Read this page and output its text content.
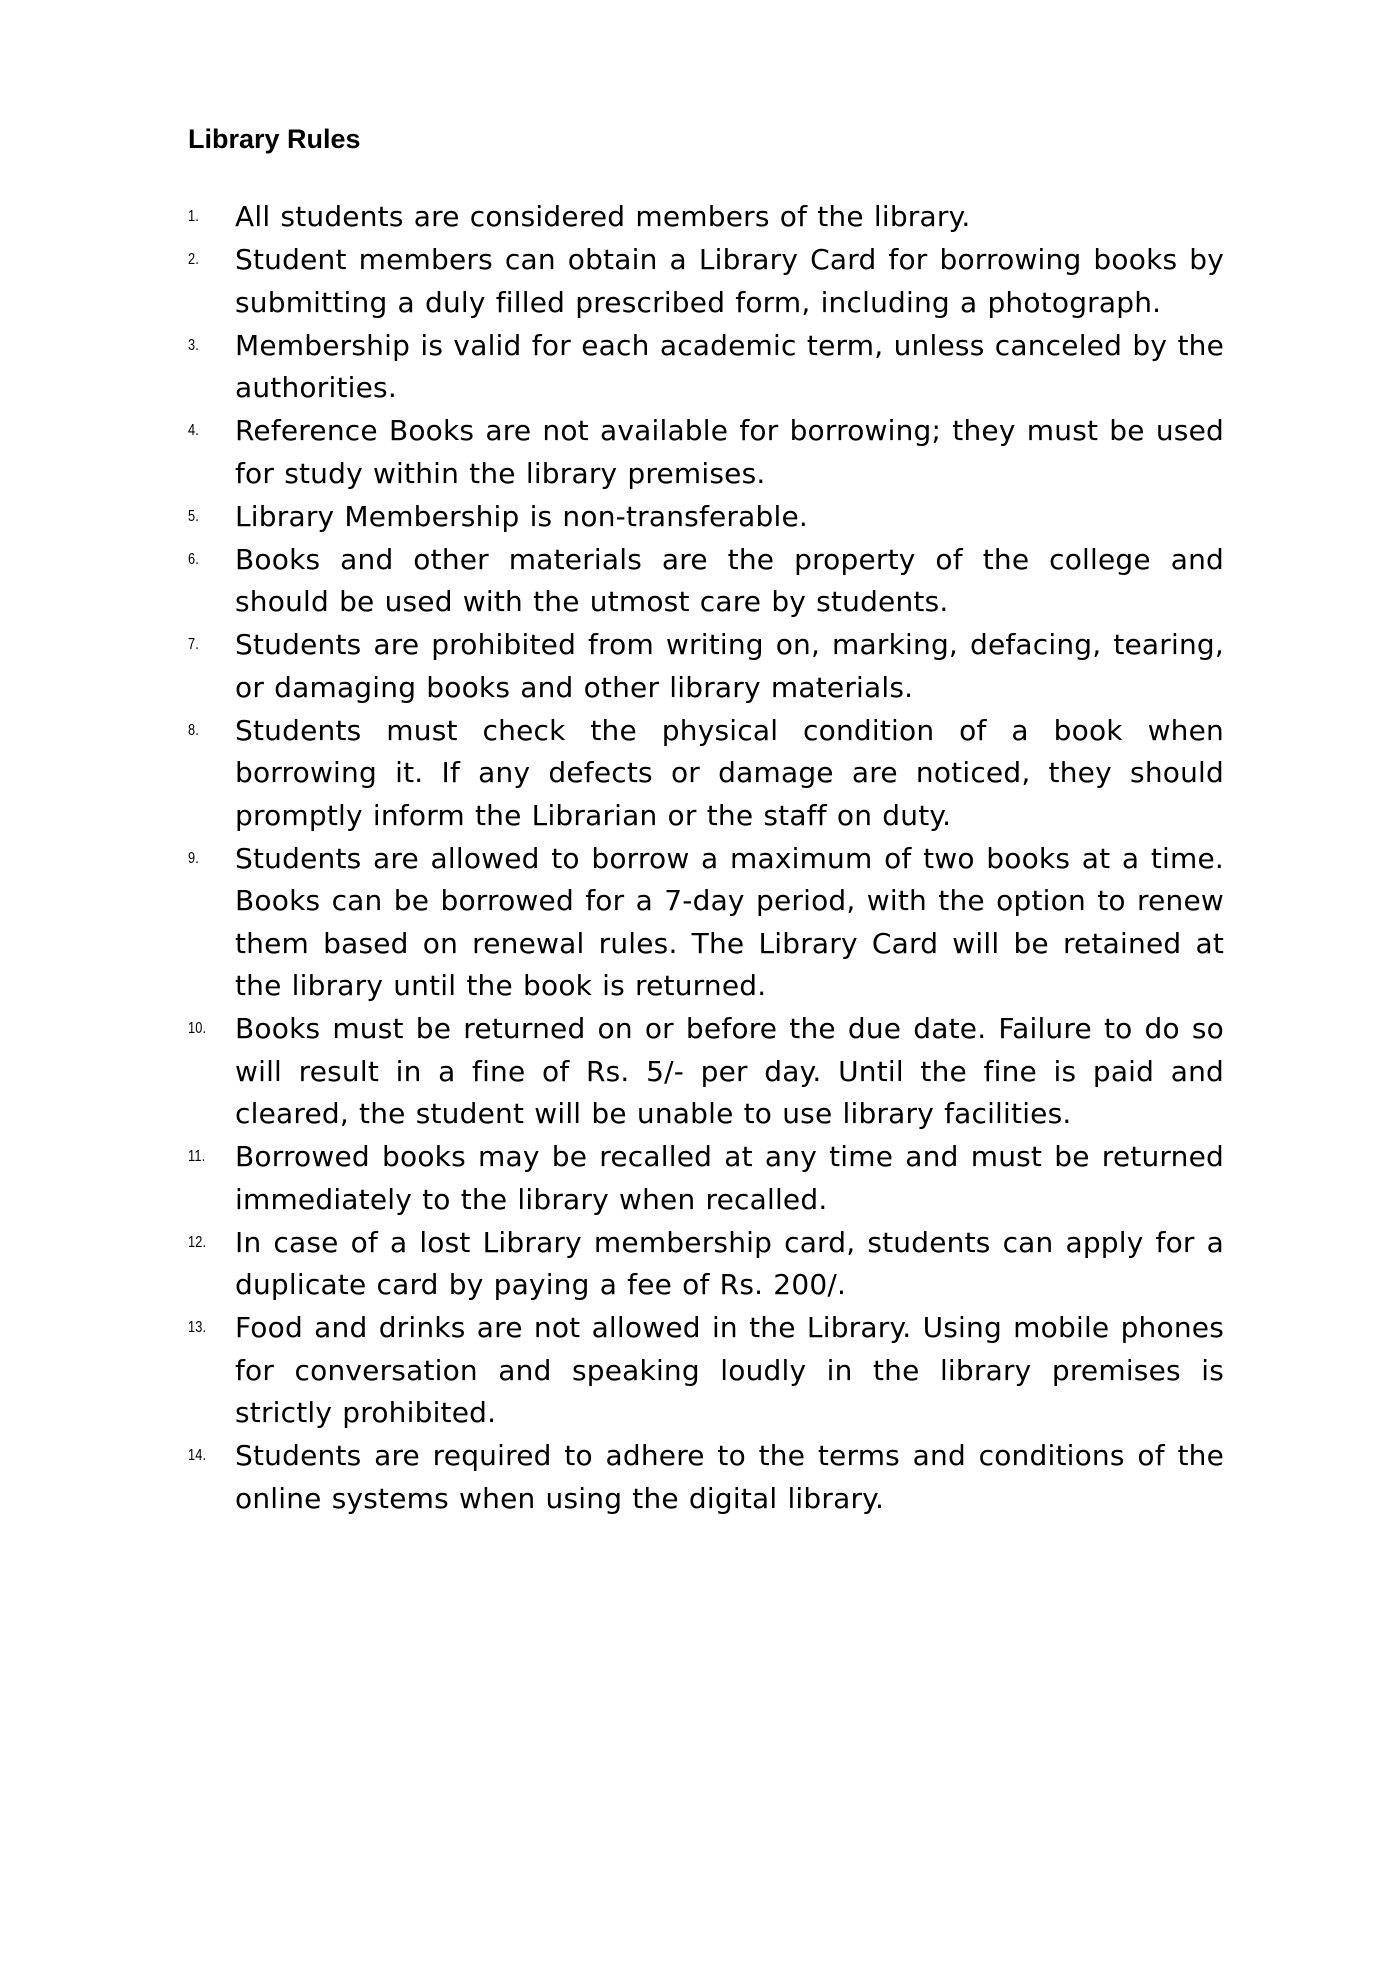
Library Rules
1. All students are considered members of the library.
2. Student members can obtain a Library Card for borrowing books by submitting a duly filled prescribed form, including a photograph.
3. Membership is valid for each academic term, unless canceled by the authorities.
4. Reference Books are not available for borrowing; they must be used for study within the library premises.
5. Library Membership is non-transferable.
6. Books and other materials are the property of the college and should be used with the utmost care by students.
7. Students are prohibited from writing on, marking, defacing, tearing, or damaging books and other library materials.
8. Students must check the physical condition of a book when borrowing it. If any defects or damage are noticed, they should promptly inform the Librarian or the staff on duty.
9. Students are allowed to borrow a maximum of two books at a time. Books can be borrowed for a 7-day period, with the option to renew them based on renewal rules. The Library Card will be retained at the library until the book is returned.
10. Books must be returned on or before the due date. Failure to do so will result in a fine of Rs. 5/- per day. Until the fine is paid and cleared, the student will be unable to use library facilities.
11. Borrowed books may be recalled at any time and must be returned immediately to the library when recalled.
12. In case of a lost Library membership card, students can apply for a duplicate card by paying a fee of Rs. 200/.
13. Food and drinks are not allowed in the Library. Using mobile phones for conversation and speaking loudly in the library premises is strictly prohibited.
14. Students are required to adhere to the terms and conditions of the online systems when using the digital library.
